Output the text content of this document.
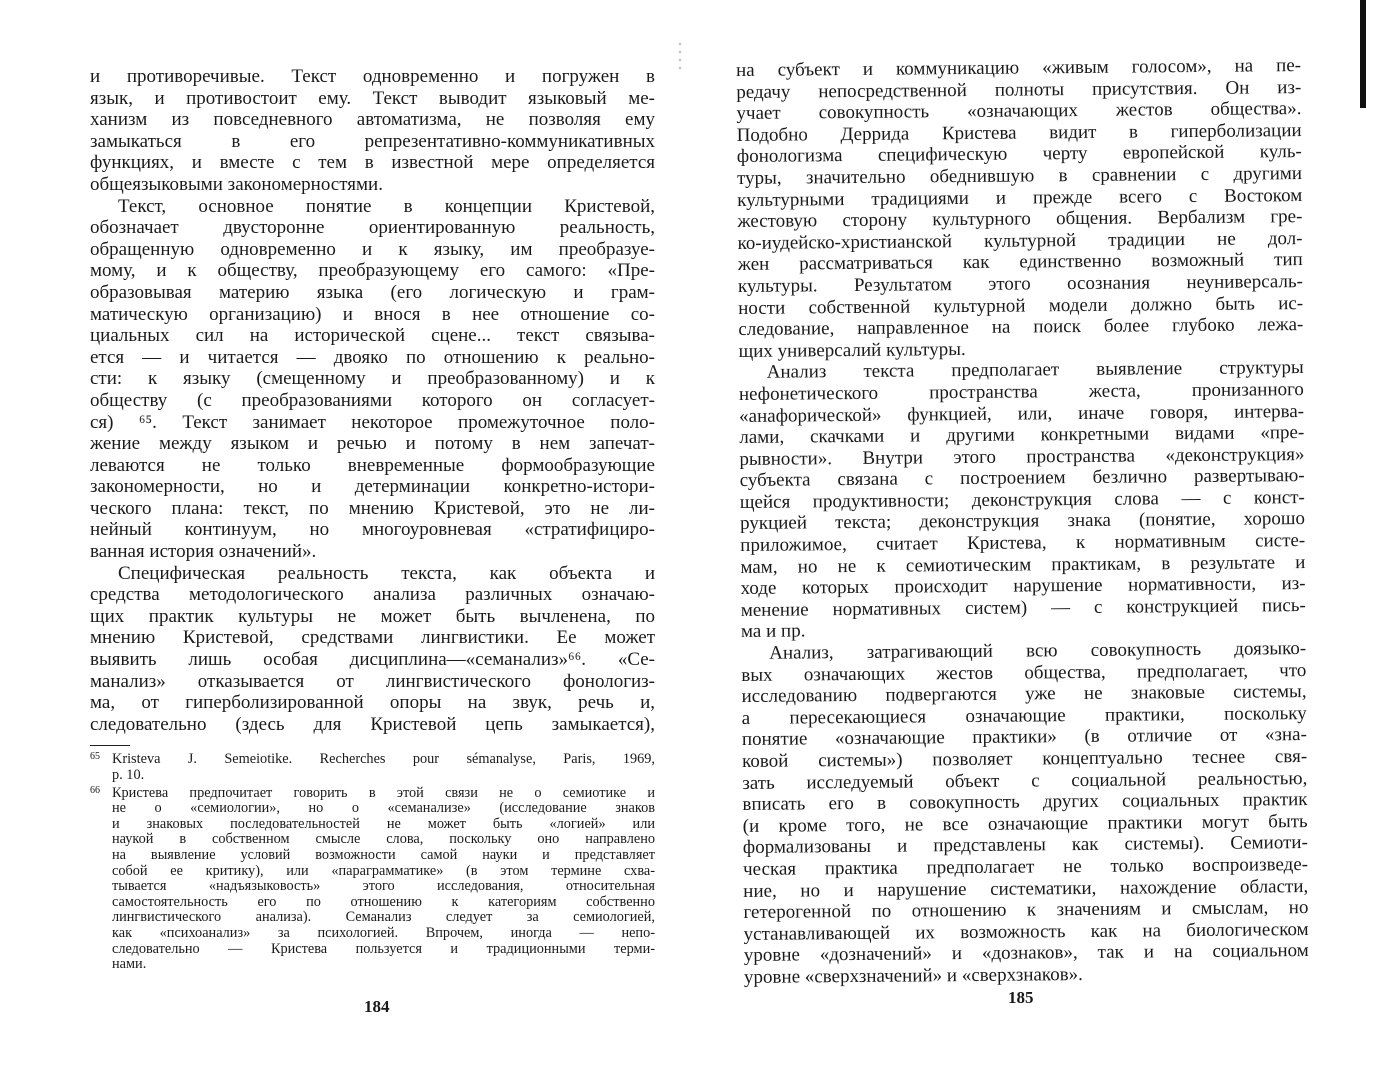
и противоречивые. Текст одновременно и погружен в
язык, и противостоит ему. Текст выводит языковый ме-
ханизм из повседневного автоматизма, не позволяя ему
замыкаться в его репрезентативно-коммуникативных
функциях, и вместе с тем в известной мере определяется
общеязыковыми закономерностями.
Текст, основное понятие в концепции Кристевой,
обозначает двусторонне ориентированную реальность,
обращенную одновременно и к языку, им преобразуе-
мому, и к обществу, преобразующему его самого: «Пре-
образовывая материю языка (его логическую и грам-
матическую организацию) и внося в нее отношение со-
циальных сил на исторической сцене... текст связыва-
ется — и читается — двояко по отношению к реально-
сти: к языку (смещенному и преобразованному) и к
обществу (с преобразованиями которого он согласует-
ся) ⁶⁵. Текст занимает некоторое промежуточное поло-
жение между языком и речью и потому в нем запечат-
леваются не только вневременные формообразующие
закономерности, но и детерминации конкретно-истори-
ческого плана: текст, по мнению Кристевой, это не ли-
нейный континуум, но многоуровневая «стратифициро-
ванная история означений».
Специфическая реальность текста, как объекта и
средства методологического анализа различных означаю-
щих практик культуры не может быть вычленена, по
мнению Кристевой, средствами лингвистики. Ее может
выявить лишь особая дисциплина—«семанализ»⁶⁶. «Се-
манализ» отказывается от лингвистического фонологиз-
ма, от гиперболизированной опоры на звук, речь и,
следовательно (здесь для Кристевой цепь замыкается),
65 Kristeva J. Semeiotike. Recherches pour sémanalyse, Paris, 1969,
p. 10.
66 Кристева предпочитает говорить в этой связи не о семиотике и
не о «семиологии», но о «семанализе» (исследование знаков
и знаковых последовательностей не может быть «логией» или
наукой в собственном смысле слова, поскольку оно направлено
на выявление условий возможности самой науки и представляет
собой ее критику), или «параграмматике» (в этом термине схва-
тывается «надъязыковость» этого исследования, относительная
самостоятельность его по отношению к категориям собственно
лингвистического анализа). Семанализ следует за семиологией,
как «психоанализ» за психологией. Впрочем, иногда — непо-
следовательно — Кристева пользуется и традиционными терми-
нами.
184
на субъект и коммуникацию «живым голосом», на пе-
редачу непосредственной полноты присутствия. Он из-
учает совокупность «означающих жестов общества».
Подобно Деррида Кристева видит в гиперболизации
фонологизма специфическую черту европейской куль-
туры, значительно обеднившую в сравнении с другими
культурными традициями и прежде всего с Востоком
жестовую сторону культурного общения. Вербализм гре-
ко-иудейско-христианской культурной традиции не дол-
жен рассматриваться как единственно возможный тип
культуры. Результатом этого осознания неуниверсаль-
ности собственной культурной модели должно быть ис-
следование, направленное на поиск более глубоко лежа-
щих универсалий культуры.
Анализ текста предполагает выявление структуры
нефонетического пространства жеста, пронизанного
«анафорической» функцией, или, иначе говоря, интерва-
лами, скачками и другими конкретными видами «пре-
рывности». Внутри этого пространства «деконструкция»
субъекта связана с построением безлично развертываю-
щейся продуктивности; деконструкция слова — с конст-
рукцией текста; деконструкция знака (понятие, хорошо
приложимое, считает Кристева, к нормативным систе-
мам, но не к семиотическим практикам, в результате и
ходе которых происходит нарушение нормативности, из-
менение нормативных систем) — с конструкцией пись-
ма и пр.
Анализ, затрагивающий всю совокупность доязыко-
вых означающих жестов общества, предполагает, что
исследованию подвергаются уже не знаковые системы,
а пересекающиеся означающие практики, поскольку
понятие «означающие практики» (в отличие от «зна-
ковой системы») позволяет концептуально теснее свя-
зать исследуемый объект с социальной реальностью,
вписать его в совокупность других социальных практик
(и кроме того, не все означающие практики могут быть
формализованы и представлены как системы). Семиоти-
ческая практика предполагает не только воспроизведе-
ние, но и нарушение систематики, нахождение области,
гетерогенной по отношению к значениям и смыслам, но
устанавливающей их возможность как на биологическом
уровне «дозначений» и «дознаков», так и на социальном
уровне «сверхзначений» и «сверхзнаков».
185
